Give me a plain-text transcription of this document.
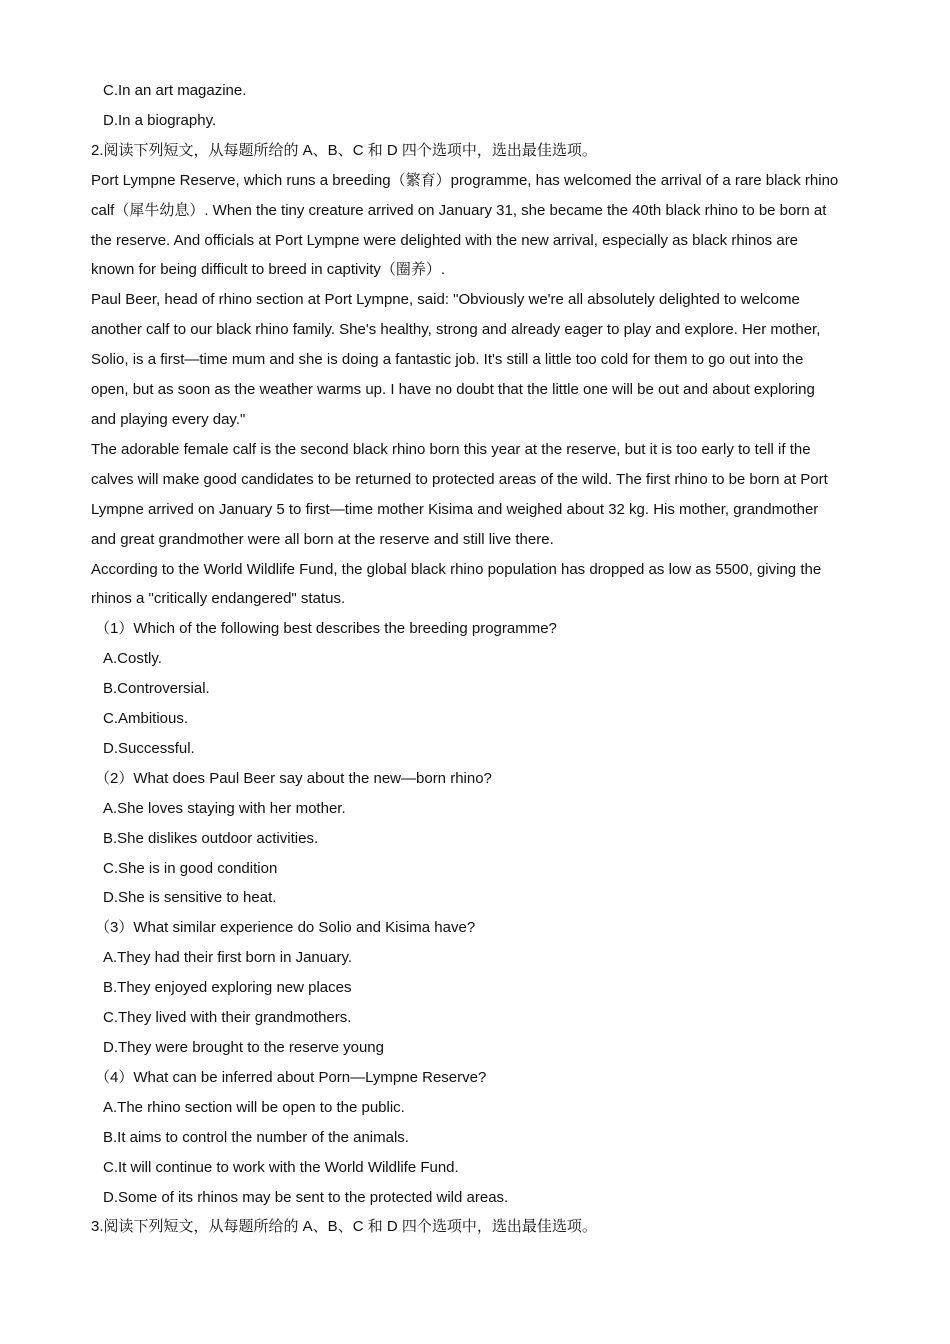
C.In an art magazine.

D.In a biography.

2.阅读下列短文，从每题所给的 A、B、C 和 D 四个选项中，选出最佳选项。

Port Lympne Reserve, which runs a breeding（繁育）programme, has welcomed the arrival of a rare black rhino

calf（犀牛幼息）. When the tiny creature arrived on January 31, she became the 40th black rhino to be born at

the reserve. And officials at Port Lympne were delighted with the new arrival, especially as black rhinos are

known for being difficult to breed in captivity（圈养）.

Paul Beer, head of rhino section at Port Lympne, said: "Obviously we're all absolutely delighted to welcome

another calf to our black rhino family. She's healthy, strong and already eager to play and explore. Her mother,

Solio, is a first—time mum and she is doing a fantastic job. It's still a little too cold for them to go out into the

open, but as soon as the weather warms up. I have no doubt that the little one will be out and about exploring

and playing every day."

The adorable female calf is the second black rhino born this year at the reserve, but it is too early to tell if the

calves will make good candidates to be returned to protected areas of the wild. The first rhino to be born at Port

Lympne arrived on January 5 to first—time mother Kisima and weighed about 32 kg. His mother, grandmother

and great grandmother were all born at the reserve and still live there.

According to the World Wildlife Fund, the global black rhino population has dropped as low as 5500, giving the

rhinos a "critically endangered" status.

（1）Which of the following best describes the breeding programme?

A.Costly.

B.Controversial.

C.Ambitious.

D.Successful.

（2）What does Paul Beer say about the new—born rhino?

A.She loves staying with her mother.

B.She dislikes outdoor activities.

C.She is in good condition

D.She is sensitive to heat.

（3）What similar experience do Solio and Kisima have?

A.They had their first born in January.

B.They enjoyed exploring new places

C.They lived with their grandmothers.

D.They were brought to the reserve young

（4）What can be inferred about Porn—Lympne Reserve?

A.The rhino section will be open to the public.

B.It aims to control the number of the animals.

C.It will continue to work with the World Wildlife Fund.

D.Some of its rhinos may be sent to the protected wild areas.

3.阅读下列短文，从每题所给的 A、B、C 和 D 四个选项中，选出最佳选项。
